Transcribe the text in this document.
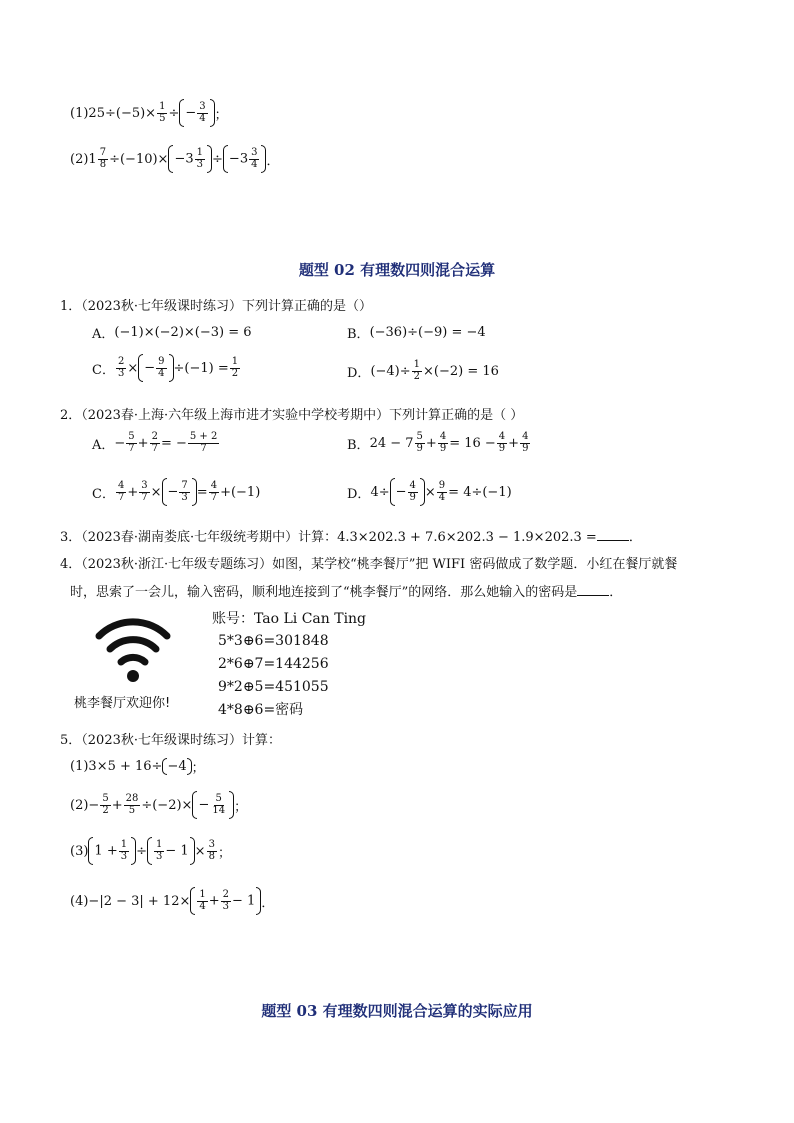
(1) 25 ÷( −5 )× $\frac{1}{5}$ ÷ − $\frac{3}{4}$ ；
(2) $1 \frac{7}{8}$ ÷( −10 )× $-3 \frac{1}{3} \div -3 \frac{3}{4}$ ．
题型 02 有理数四则混合运算
1．（2023秋·七年级课时练习）下列计算正确的是（）
A． (−1)×(−2)×(−3) = 6	B． (−36)÷(−9) = −4
C． $\frac{2}{3}$ × − $\frac{9}{4} \div(-1) = \frac{1}{2}$	D． $(-4)\div \frac{1}{2} \times(-2) = 16$
2．（2023春·上海·六年级上海市进才实验中学校考期中）下列计算正确的是（ ）
A． − $\frac{5}{7} + \frac{2}{7}$ = − $\frac{5 + 2}{7}$	B． $24 - 7 \frac{5}{9} + \frac{4}{9} = 16 - \frac{4}{9} + \frac{4}{9}$
C． $\frac{4}{7} + \frac{3}{7}$ × − $\frac{7}{3} = \frac{4}{7} +(-1)$	D． $4\div - \frac{4}{9} \times \frac{9}{4} = 4\div(-1)$
3．（2023春·湖南娄底·七年级统考期中）计算：4.3×202.3 + 7.6×202.3 − 1.9×202.3 = ．
4．（2023秋·浙江·七年级专题练习）如图，某学校“桃李餐厅”把 WIFI 密码做成了数学题．小红在餐厅就餐
时，思索了一会儿，输入密码，顺利地连接到了“桃李餐厅”的网络．那么她输入的密码是 ．
桃李餐厅欢迎你!
账号：Tao Li Can Ting
5*3⊕6=301848
2*6⊕7=144256
9*2⊕5=451055
4*8⊕6=密码
5．（2023秋·七年级课时练习）计算：
(1) 3×5 + 16÷ −4 ；
$(2) - \frac{5}{2} + \frac{28}{5} \div(-2)\times - \frac{5}{14}$ ；
(3) $1 + \frac{1}{3} \div \frac{1}{3} - 1 \times \frac{3}{8}$ ；
$(4) -|2 - 3| + 12\times \frac{1}{4} + \frac{2}{3} - 1$ ．
题型 03 有理数四则混合运算的实际应用
